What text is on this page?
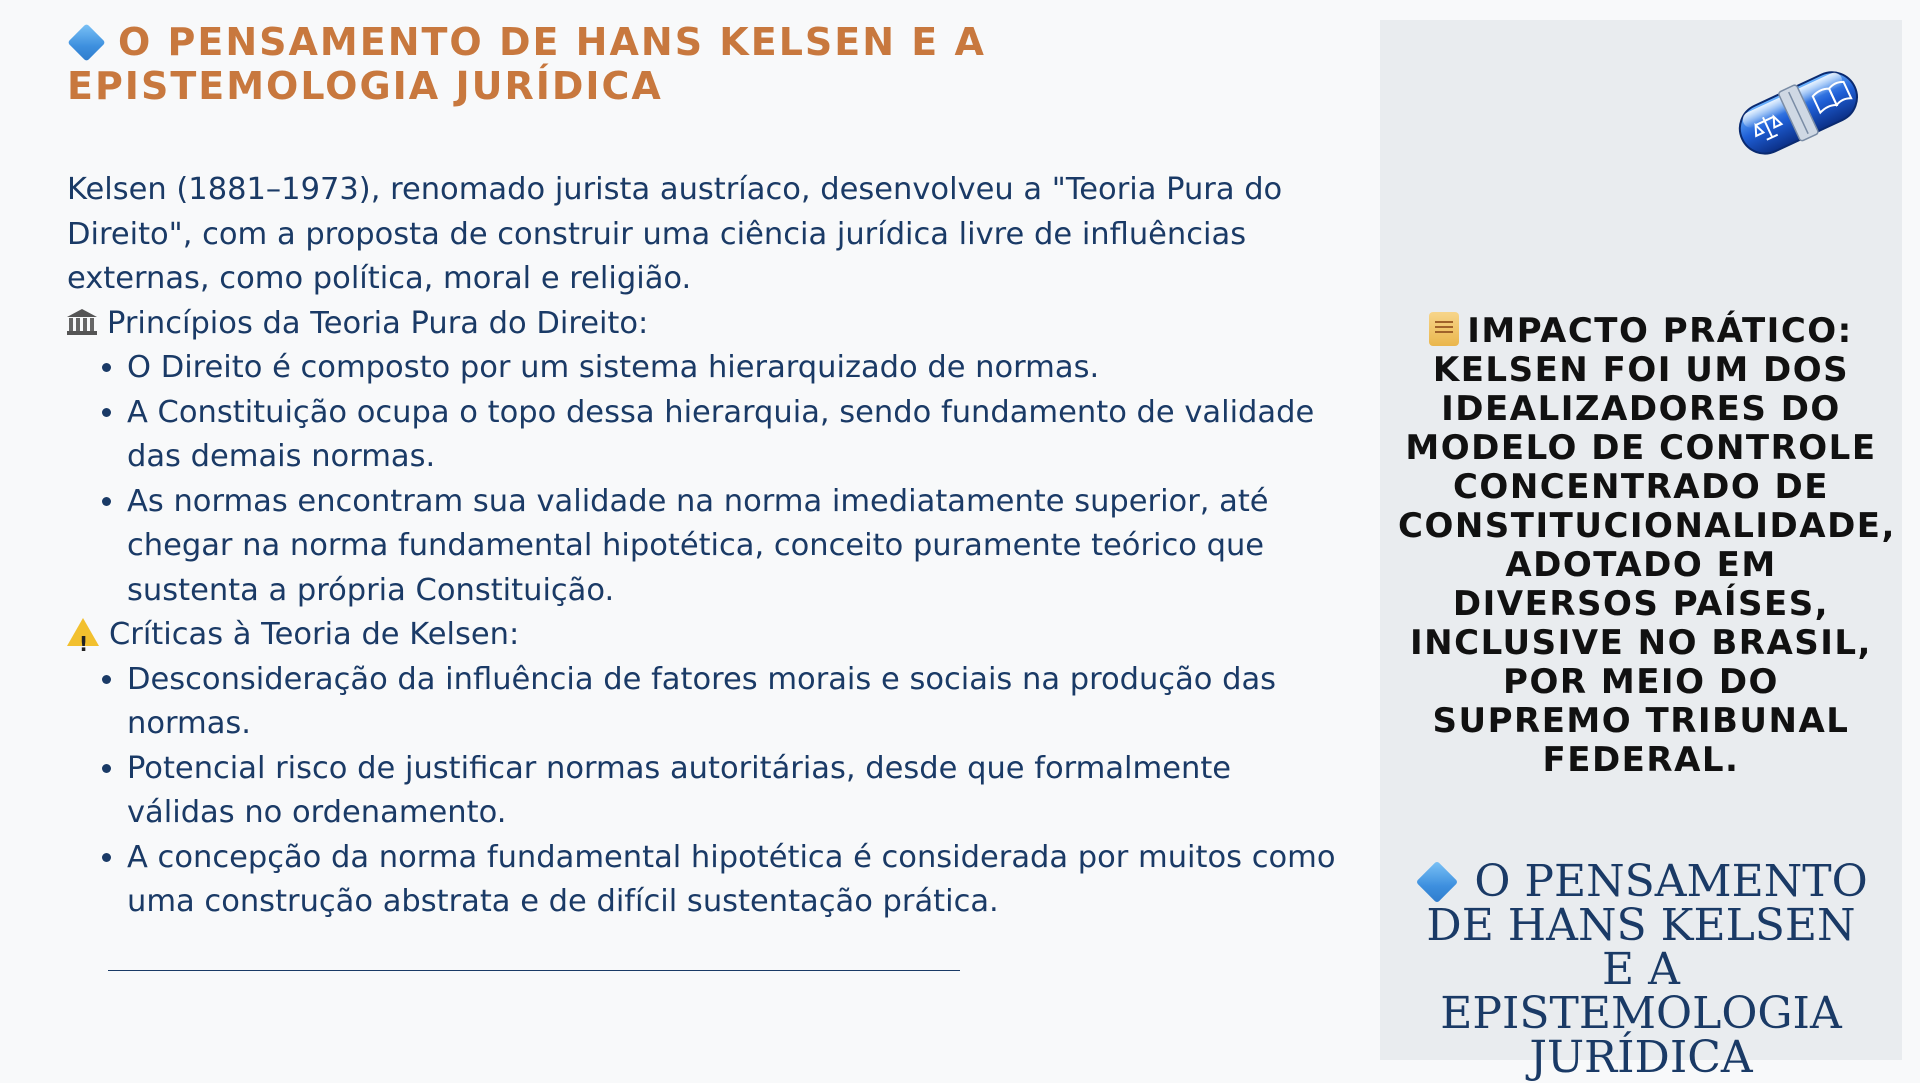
O PENSAMENTO DE HANS KELSEN E A EPISTEMOLOGIA JURÍDICA

Kelsen (1881–1973), renomado jurista austríaco, desenvolveu a "Teoria Pura do Direito", com a proposta de construir uma ciência jurídica livre de influências externas, como política, moral e religião.

Princípios da Teoria Pura do Direito:

• O Direito é composto por um sistema hierarquizado de normas.
• A Constituição ocupa o topo dessa hierarquia, sendo fundamento de validade das demais normas.
• As normas encontram sua validade na norma imediatamente superior, até chegar na norma fundamental hipotética, conceito puramente teórico que sustenta a própria Constituição.

!Críticas à Teoria de Kelsen:

• Desconsideração da influência de fatores morais e sociais na produção das normas.
• Potencial risco de justificar normas autoritárias, desde que formalmente válidas no ordenamento.
• A concepção da norma fundamental hipotética é considerada por muitos como uma construção abstrata e de difícil sustentação prática.
IMPACTO PRÁTICO: KELSEN FOI UM DOS IDEALIZADORES DO MODELO DE CONTROLE CONCENTRADO DE CONSTITUCIONALIDADE, ADOTADO EM DIVERSOS PAÍSES, INCLUSIVE NO BRASIL, POR MEIO DO SUPREMO TRIBUNAL FEDERAL.
O PENSAMENTO DE HANS KELSEN E A EPISTEMOLOGIA JURÍDICA
